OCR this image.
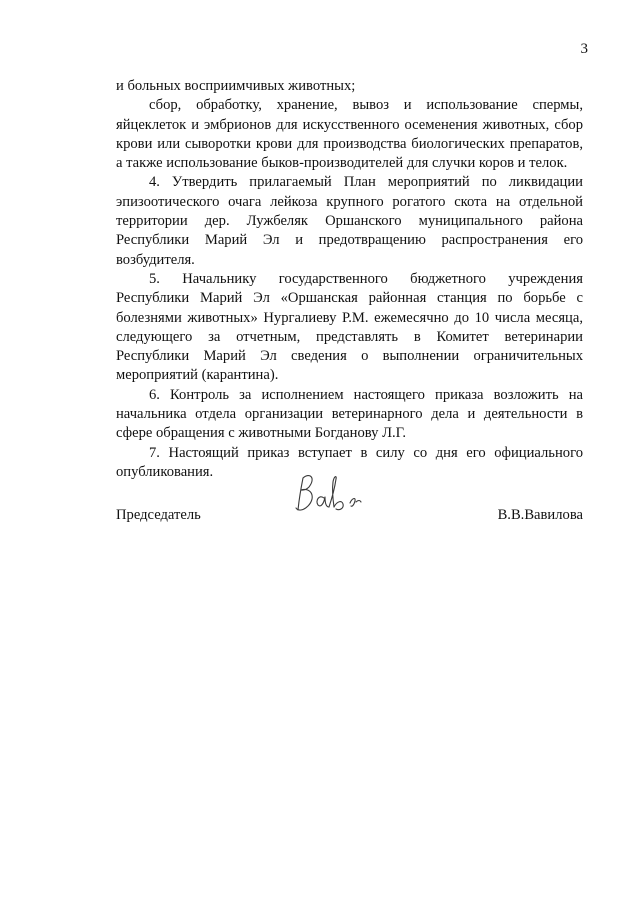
3

и больных восприимчивых животных;

сбор, обработку, хранение, вывоз и использование спермы, яйцеклеток и эмбрионов для искусственного осеменения животных, сбор крови или сыворотки крови для производства биологических препаратов, а также использование быков-производителей для случки коров и телок.

4. Утвердить прилагаемый План мероприятий по ликвидации эпизоотического очага лейкоза крупного рогатого скота на отдельной территории дер. Лужбеляк Оршанского муниципального района Республики Марий Эл и предотвращению распространения его возбудителя.

5. Начальнику государственного бюджетного учреждения Республики Марий Эл «Оршанская районная станция по борьбе с болезнями животных» Нургалиеву Р.М. ежемесячно до 10 числа месяца, следующего за отчетным, представлять в Комитет ветеринарии Республики Марий Эл сведения о выполнении ограничительных мероприятий (карантина).

6. Контроль за исполнением настоящего приказа возложить на начальника отдела организации ветеринарного дела и деятельности в сфере обращения с животными Богданову Л.Г.

7. Настоящий приказ вступает в силу со дня его официального опубликования.

Председатель	В.В.Вавилова
